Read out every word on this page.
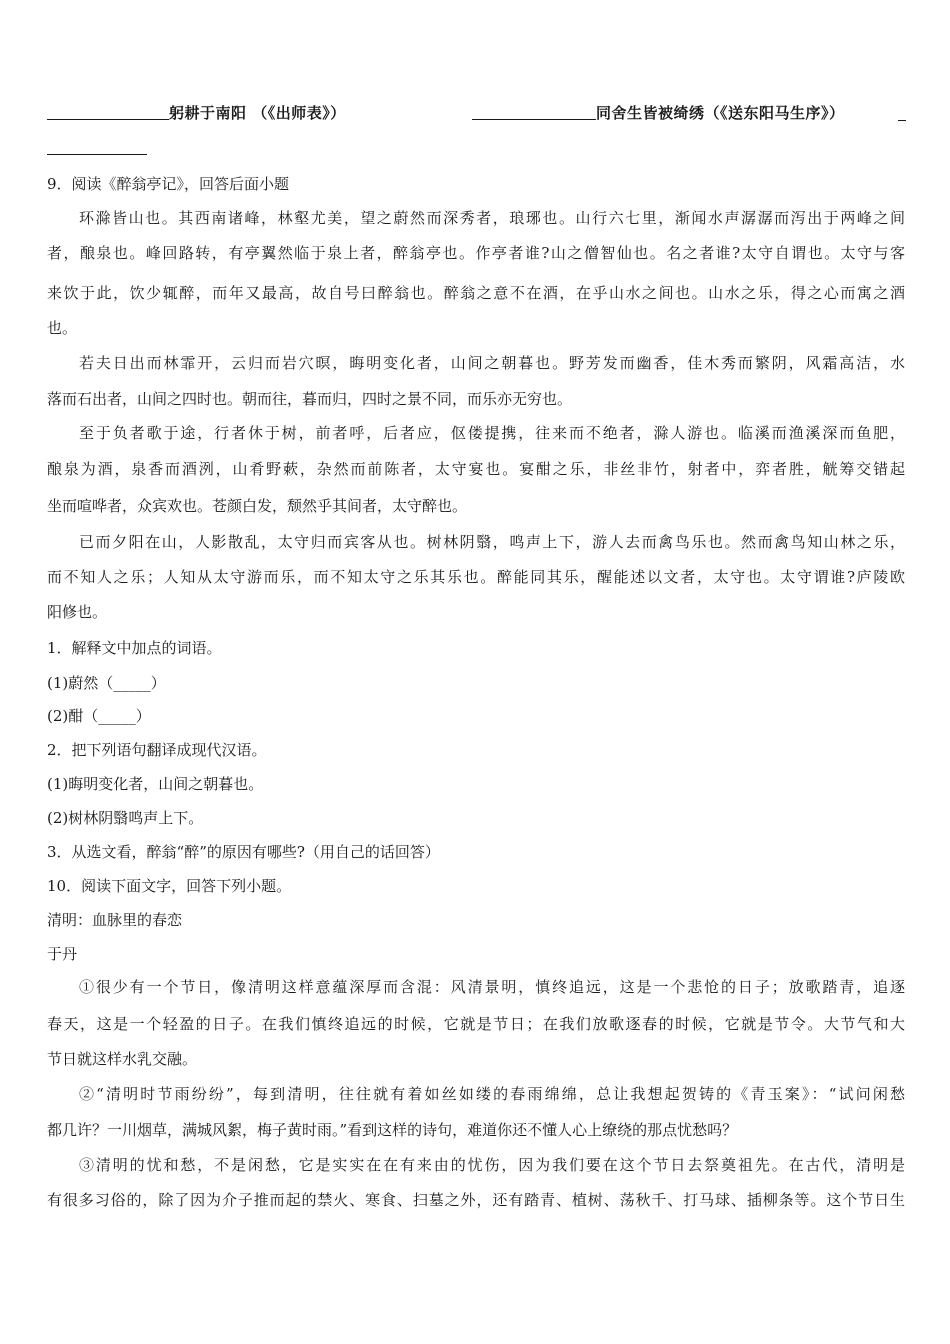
躬耕于南阳 （《出师表》）	同舍生皆被绮绣（《送东阳马生序》）
9．阅读《醉翁亭记》，回答后面小题
环滁皆山也。其西南诸峰，林壑尤美，望之蔚然而深秀者，琅琊也。山行六七里，渐闻水声潺潺而泻出于两峰之间
者，酿泉也。峰回路转，有亭翼然临于泉上者，醉翁亭也。作亭者谁?山之僧智仙也。名之者谁?太守自谓也。太守与客
来饮于此，饮少辄醉，而年又最高，故自号曰醉翁也。醉翁之意不在酒，在乎山水之间也。山水之乐，得之心而寓之酒
也。
若夫日出而林霏开，云归而岩穴暝，晦明变化者，山间之朝暮也。野芳发而幽香，佳木秀而繁阴，风霜高洁，水
落而石出者，山间之四时也。朝而往，暮而归，四时之景不同，而乐亦无穷也。
至于负者歌于途，行者休于树，前者呼，后者应，伛偻提携，往来而不绝者，滁人游也。临溪而渔溪深而鱼肥，
酿泉为酒，泉香而酒洌，山肴野蔌，杂然而前陈者，太守宴也。宴酣之乐，非丝非竹，射者中，弈者胜，觥筹交错起
坐而喧哗者，众宾欢也。苍颜白发，颓然乎其间者，太守醉也。
已而夕阳在山，人影散乱，太守归而宾客从也。树林阴翳，鸣声上下，游人去而禽鸟乐也。然而禽鸟知山林之乐，
而不知人之乐；人知从太守游而乐，而不知太守之乐其乐也。醉能同其乐，醒能述以文者，太守也。太守谓谁?庐陵欧
阳修也。
1．解释文中加点的词语。
(1)蔚然（_____）
(2)酣（_____）
2．把下列语句翻译成现代汉语。
(1)晦明变化者，山间之朝暮也。
(2)树林阴翳鸣声上下。
3．从选文看，醉翁“醉”的原因有哪些?（用自己的话回答）
10．阅读下面文字，回答下列小题。
清明：血脉里的春恋
于丹
①很少有一个节日，像清明这样意蕴深厚而含混：风清景明，慎终追远，这是一个悲怆的日子；放歌踏青，追逐
春天，这是一个轻盈的日子。在我们慎终追远的时候，它就是节日；在我们放歌逐春的时候，它就是节令。大节气和大
节日就这样水乳交融。
②“清明时节雨纷纷”，每到清明，往往就有着如丝如缕的春雨绵绵，总让我想起贺铸的《青玉案》：“试问闲愁
都几许？一川烟草，满城风絮，梅子黄时雨。”看到这样的诗句，难道你还不懂人心上缭绕的那点忧愁吗？
③清明的忧和愁，不是闲愁，它是实实在在有来由的忧伤，因为我们要在这个节日去祭奠祖先。在古代，清明是
有很多习俗的，除了因为介子推而起的禁火、寒食、扫墓之外，还有踏青、植树、荡秋千、打马球、插柳条等。这个节日生
